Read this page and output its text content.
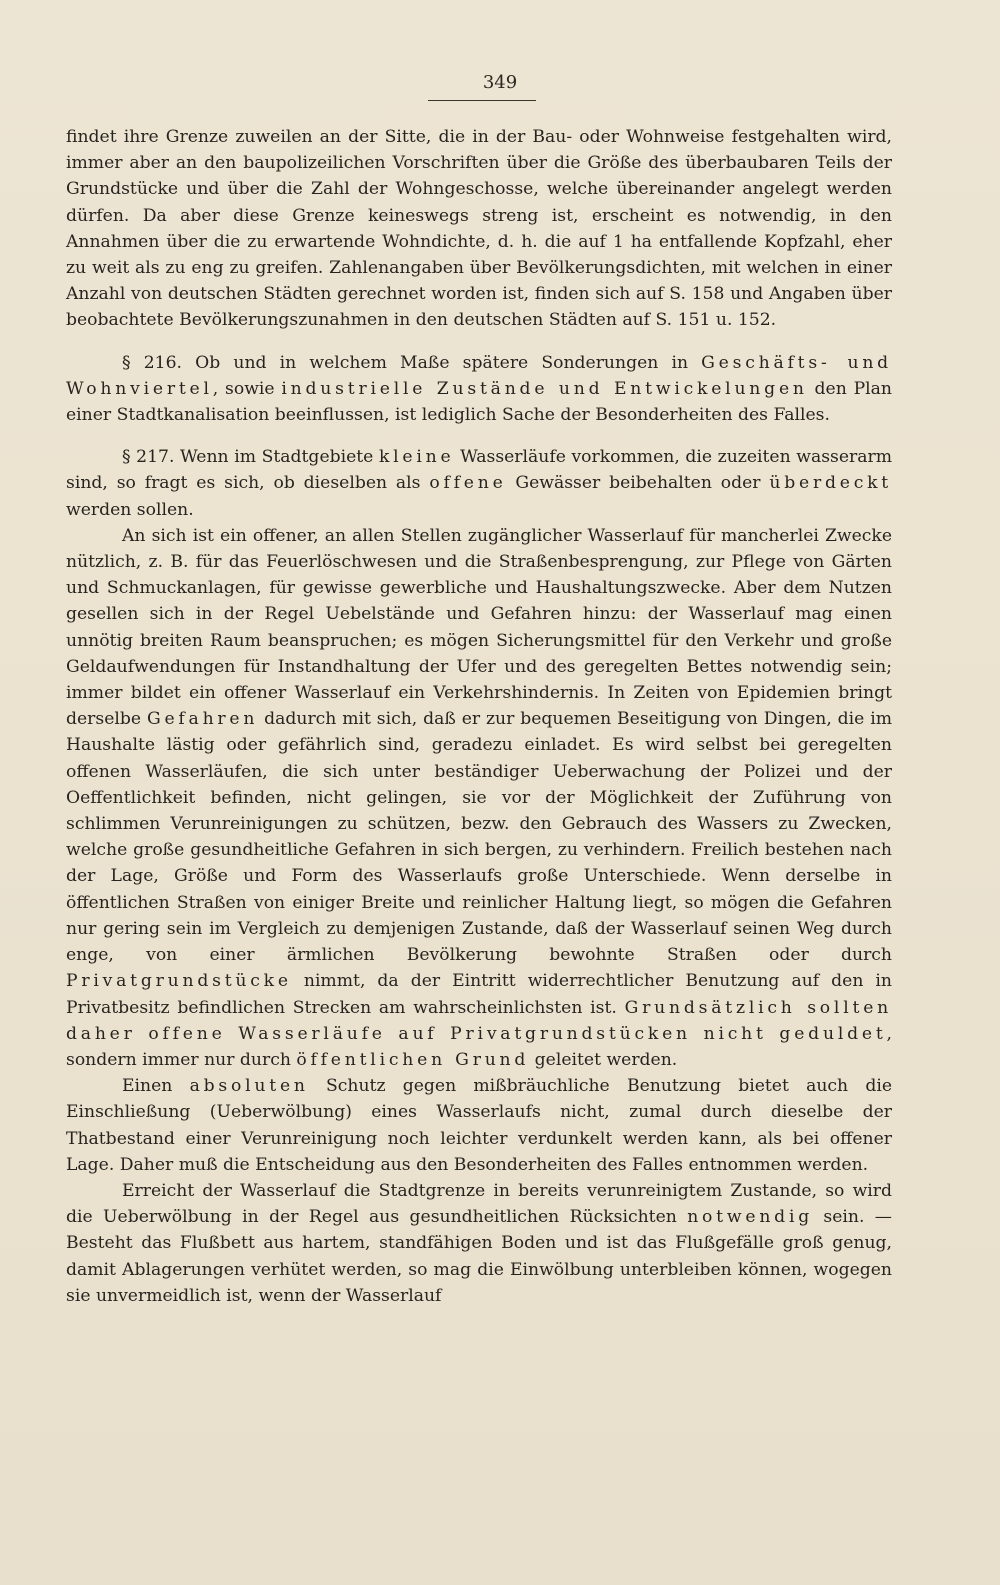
349

findet ihre Grenze zuweilen an der Sitte, die in der Bau- oder Wohnweise festgehalten wird, immer aber an den baupolizeilichen Vorschriften über die Größe des überbaubaren Teils der Grundstücke und über die Zahl der Wohngeschosse, welche übereinander angelegt werden dürfen. Da aber diese Grenze keineswegs streng ist, erscheint es notwendig, in den Annahmen über die zu erwartende Wohndichte, d. h. die auf 1 ha entfallende Kopfzahl, eher zu weit als zu eng zu greifen. Zahlenangaben über Bevölkerungsdichten, mit welchen in einer Anzahl von deutschen Städten gerechnet worden ist, finden sich auf S. 158 und Angaben über beobachtete Bevölkerungszunahmen in den deutschen Städten auf S. 151 u. 152.

§ 216. Ob und in welchem Maße spätere Sonderungen in Geschäfts- und Wohnviertel, sowie industrielle Zustände und Entwickelungen den Plan einer Stadtkanalisation beeinflussen, ist lediglich Sache der Besonderheiten des Falles.

§ 217. Wenn im Stadtgebiete kleine Wasserläufe vorkommen, die zuzeiten wasserarm sind, so fragt es sich, ob dieselben als offene Gewässer beibehalten oder überdeckt werden sollen.

An sich ist ein offener, an allen Stellen zugänglicher Wasserlauf für mancherlei Zwecke nützlich, z. B. für das Feuerlöschwesen und die Straßenbesprengung, zur Pflege von Gärten und Schmuckanlagen, für gewisse gewerbliche und Haushaltungszwecke. Aber dem Nutzen gesellen sich in der Regel Uebelstände und Gefahren hinzu: der Wasserlauf mag einen unnötig breiten Raum beanspruchen; es mögen Sicherungsmittel für den Verkehr und große Geldaufwendungen für Instandhaltung der Ufer und des geregelten Bettes notwendig sein; immer bildet ein offener Wasserlauf ein Verkehrshindernis. In Zeiten von Epidemien bringt derselbe Gefahren dadurch mit sich, daß er zur bequemen Beseitigung von Dingen, die im Haushalte lästig oder gefährlich sind, geradezu einladet. Es wird selbst bei geregelten offenen Wasserläufen, die sich unter beständiger Ueberwachung der Polizei und der Oeffentlichkeit befinden, nicht gelingen, sie vor der Möglichkeit der Zuführung von schlimmen Verunreinigungen zu schützen, bezw. den Gebrauch des Wassers zu Zwecken, welche große gesundheitliche Gefahren in sich bergen, zu verhindern. Freilich bestehen nach der Lage, Größe und Form des Wasserlaufs große Unterschiede. Wenn derselbe in öffentlichen Straßen von einiger Breite und reinlicher Haltung liegt, so mögen die Gefahren nur gering sein im Vergleich zu demjenigen Zustande, daß der Wasserlauf seinen Weg durch enge, von einer ärmlichen Bevölkerung bewohnte Straßen oder durch Privatgrundstücke nimmt, da der Eintritt widerrechtlicher Benutzung auf den in Privatbesitz befindlichen Strecken am wahrscheinlichsten ist. Grundsätzlich sollten daher offene Wasserläufe auf Privatgrundstücken nicht geduldet, sondern immer nur durch öffentlichen Grund geleitet werden.

Einen absoluten Schutz gegen mißbräuchliche Benutzung bietet auch die Einschließung (Ueberwölbung) eines Wasserlaufs nicht, zumal durch dieselbe der Thatbestand einer Verunreinigung noch leichter verdunkelt werden kann, als bei offener Lage. Daher muß die Entscheidung aus den Besonderheiten des Falles entnommen werden.

Erreicht der Wasserlauf die Stadtgrenze in bereits verunreinigtem Zustande, so wird die Ueberwölbung in der Regel aus gesundheitlichen Rücksichten notwendig sein. — Besteht das Flußbett aus hartem, standfähigen Boden und ist das Flußgefälle groß genug, damit Ablagerungen verhütet werden, so mag die Einwölbung unterbleiben können, wogegen sie unvermeidlich ist, wenn der Wasserlauf
